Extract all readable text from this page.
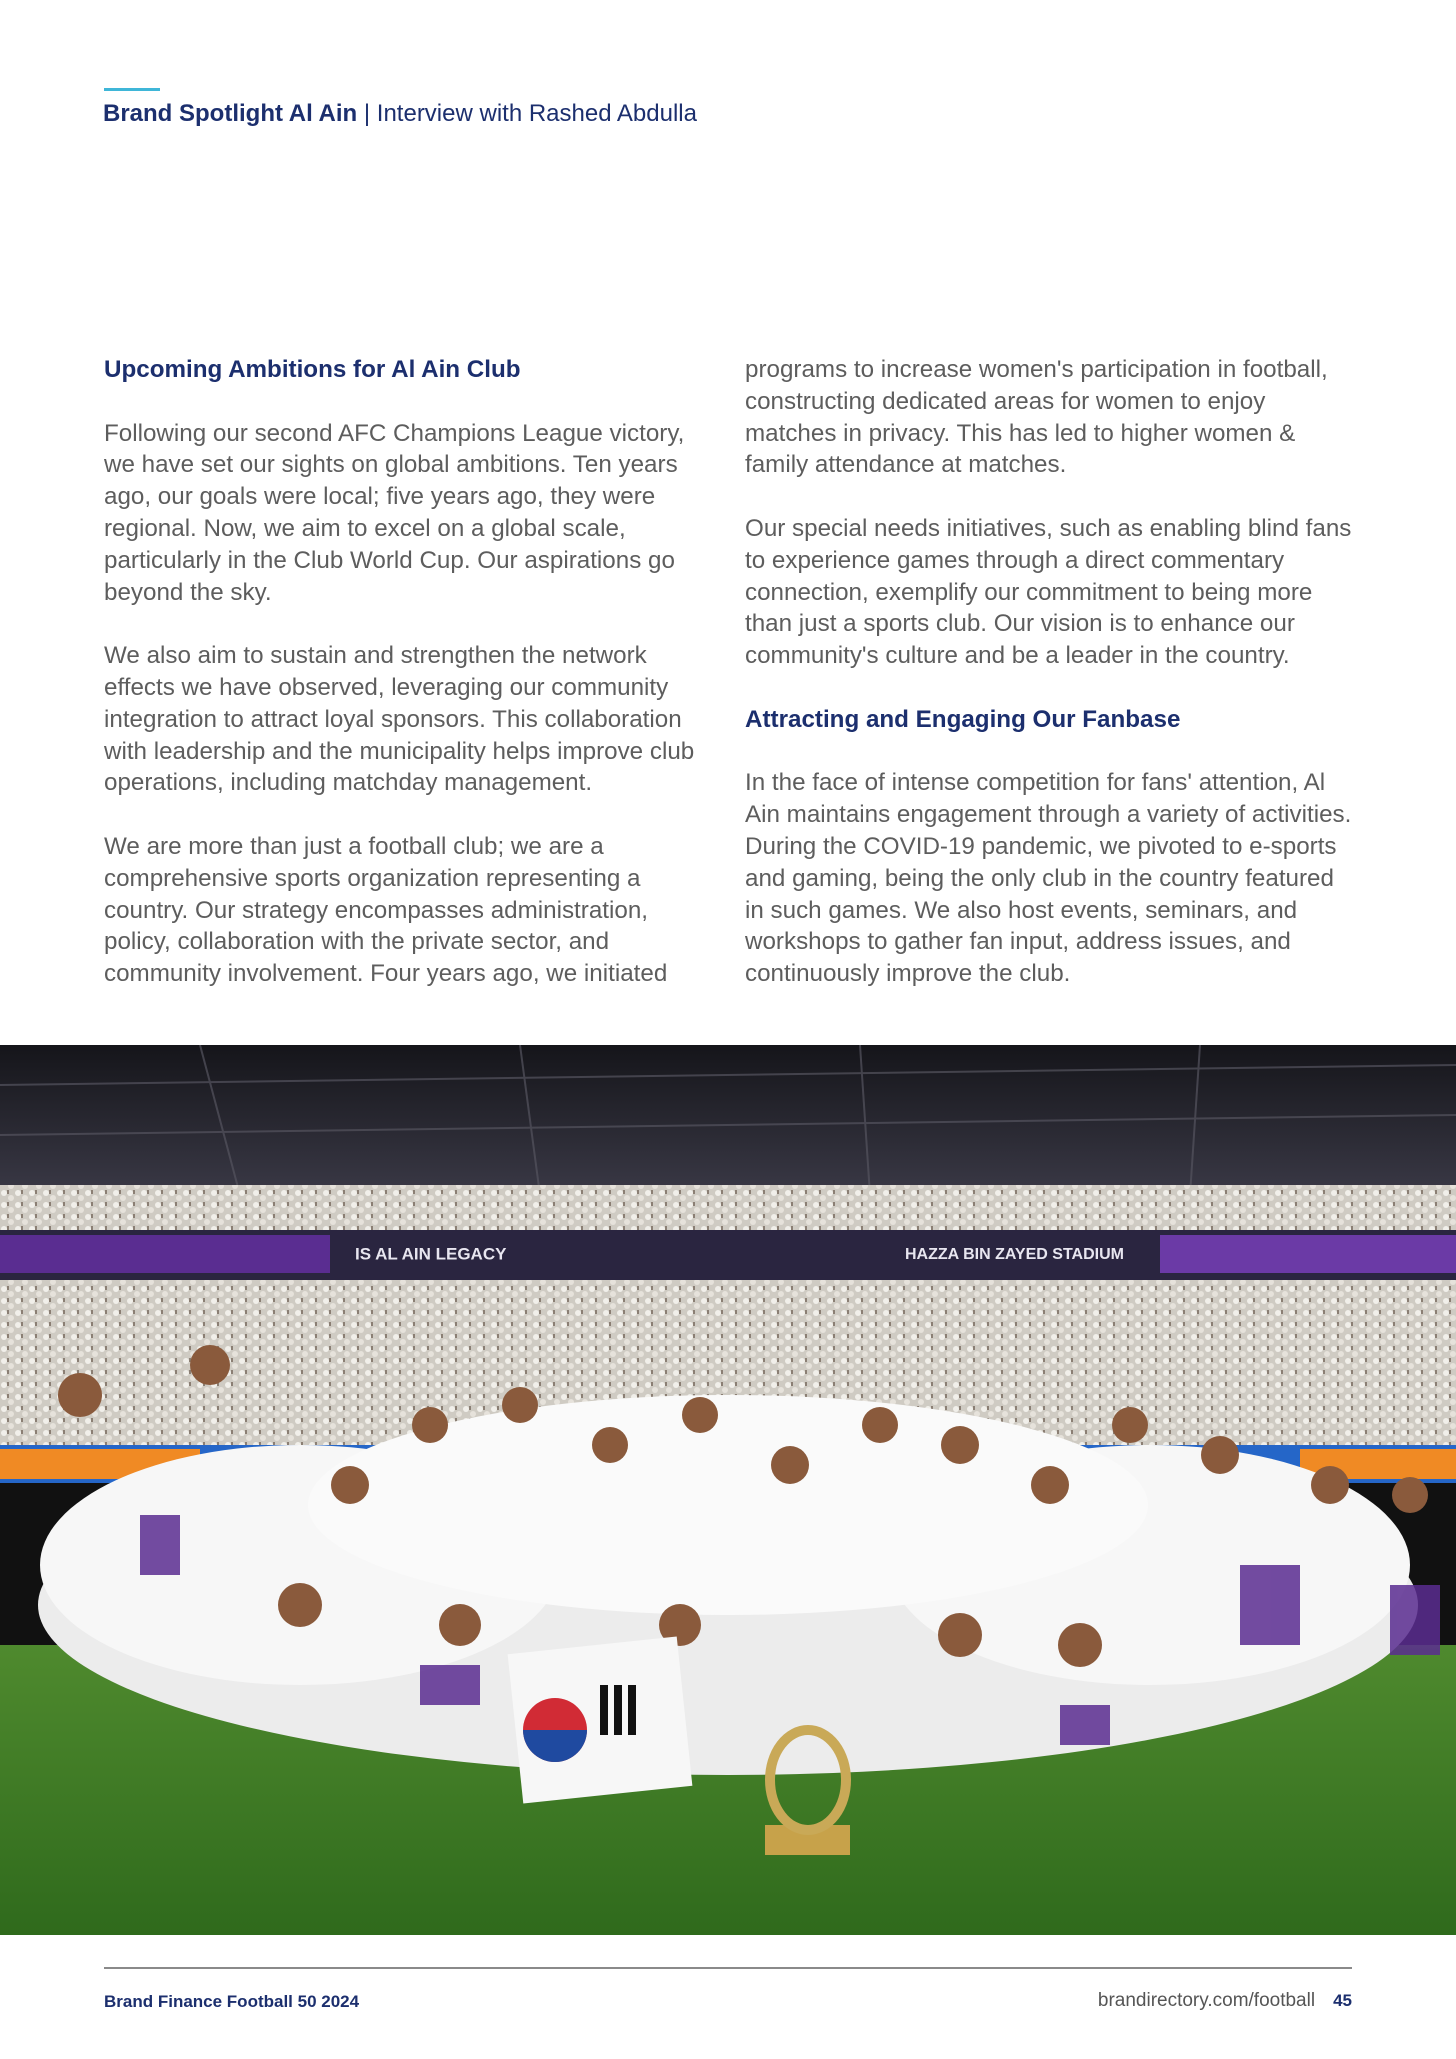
Brand Spotlight Al Ain | Interview with Rashed Abdulla
Upcoming Ambitions for Al Ain Club

Following our second AFC Champions League victory, we have set our sights on global ambitions. Ten years ago, our goals were local; five years ago, they were regional. Now, we aim to excel on a global scale, particularly in the Club World Cup. Our aspirations go beyond the sky.

We also aim to sustain and strengthen the network effects we have observed, leveraging our community integration to attract loyal sponsors. This collaboration with leadership and the municipality helps improve club operations, including matchday management.

We are more than just a football club; we are a comprehensive sports organization representing a country. Our strategy encompasses administration, policy, collaboration with the private sector, and community involvement. Four years ago, we initiated

programs to increase women's participation in football, constructing dedicated areas for women to enjoy matches in privacy. This has led to higher women & family attendance at matches.

Our special needs initiatives, such as enabling blind fans to experience games through a direct commentary connection, exemplify our commitment to being more than just a sports club. Our vision is to enhance our community's culture and be a leader in the country.

Attracting and Engaging Our Fanbase

In the face of intense competition for fans' attention, Al Ain maintains engagement through a variety of activities. During the COVID-19 pandemic, we pivoted to e-sports and gaming, being the only club in the country featured in such games. We also host events, seminars, and workshops to gather fan input, address issues, and continuously improve the club.

IS AL AIN LEGACY	HAZZA BIN ZAYED STADIUM
Brand Finance Football 50 2024	brandirectory.com/football 45
